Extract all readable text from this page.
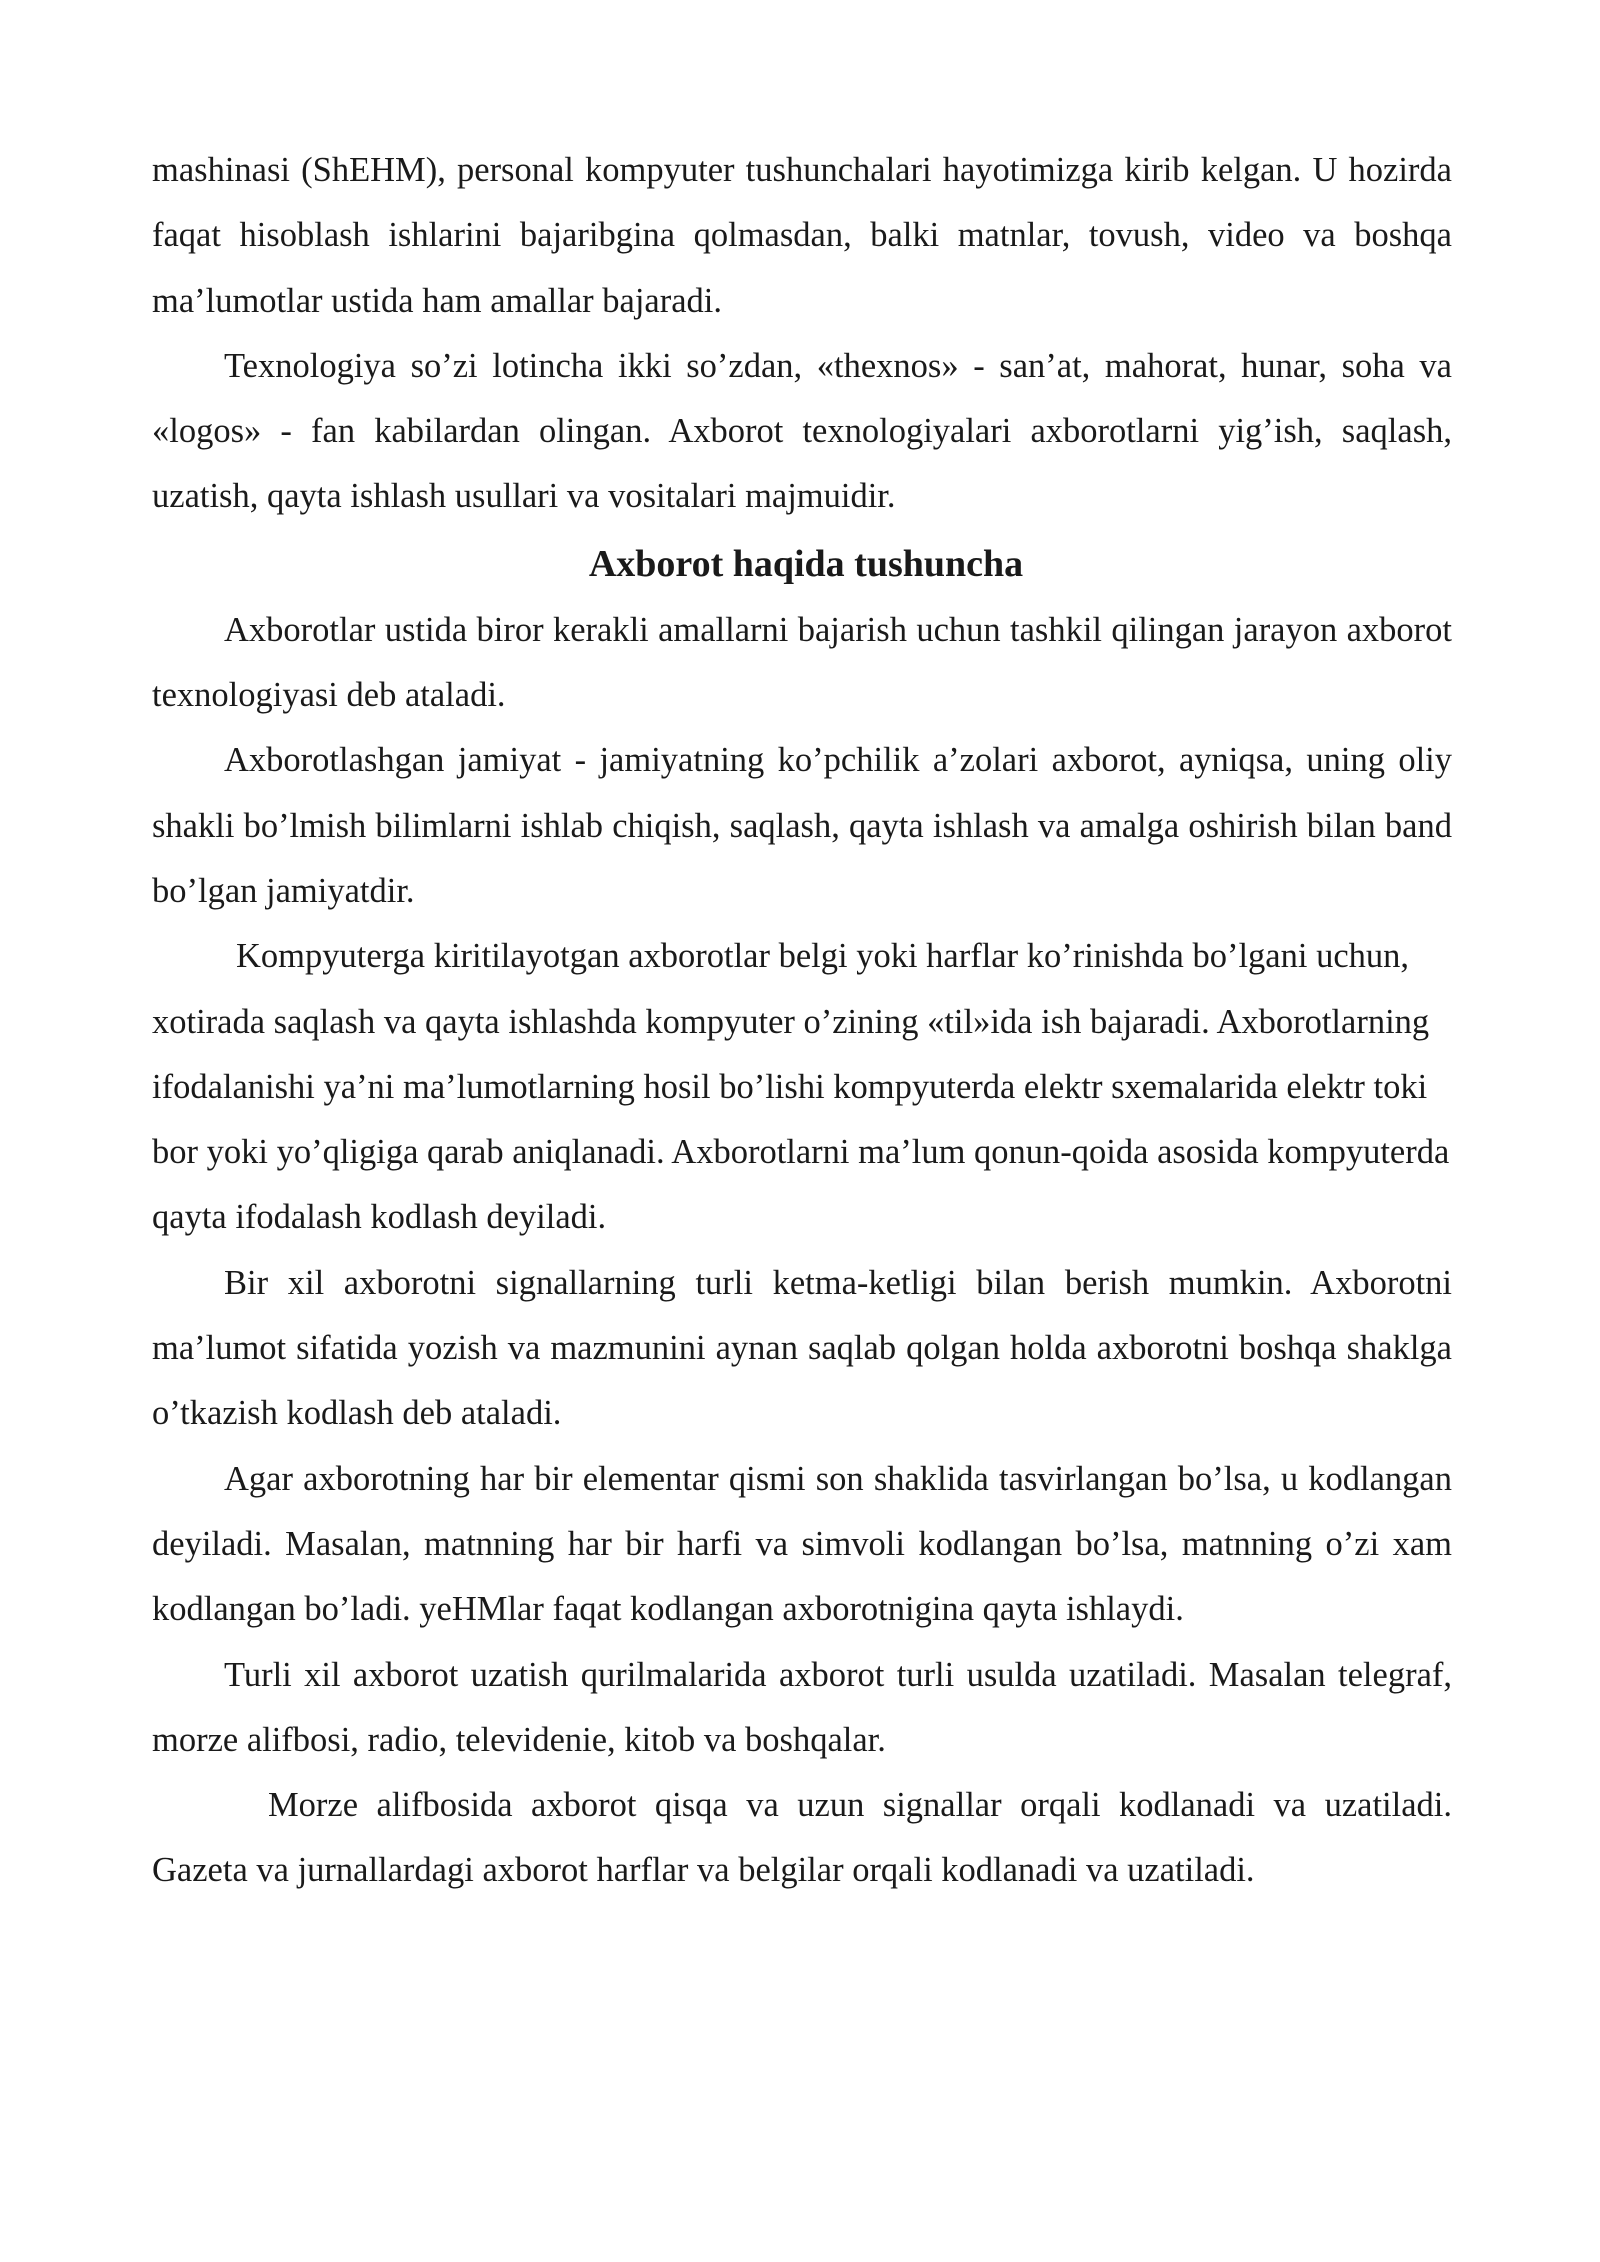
mashinasi (ShEHM), personal kompyuter tushunchalari hayotimizga kirib kelgan. U hozirda faqat hisoblash ishlarini bajaribgina qolmasdan, balki matnlar, tovush, video va boshqa ma’lumotlar ustida ham amallar bajaradi.

Texnologiya so’zi lotincha ikki so’zdan, «thexnos» - san’at, mahorat, hunar, soha va «logos» - fan kabilardan olingan. Axborot texnologiyalari axborotlarni yig’ish, saqlash, uzatish, qayta ishlash usullari va vositalari majmuidir.

Axborot haqida tushuncha

Axborotlar ustida biror kerakli amallarni bajarish uchun tashkil qilingan jarayon axborot texnologiyasi deb ataladi.

Axborotlashgan jamiyat - jamiyatning ko’pchilik a’zolari axborot, ayniqsa, uning oliy shakli bo’lmish bilimlarni ishlab chiqish, saqlash, qayta ishlash va amalga oshirish bilan band bo’lgan jamiyatdir.

Kompyuterga kiritilayotgan axborotlar belgi yoki harflar ko’rinishda bo’lgani uchun, xotirada saqlash va qayta ishlashda kompyuter o’zining «til»ida ish bajaradi. Axborotlarning ifodalanishi ya’ni ma’lumotlarning hosil bo’lishi kompyuterda elektr sxemalarida elektr toki bor yoki yo’qligiga qarab aniqlanadi. Axborotlarni ma’lum qonun-qoida asosida kompyuterda qayta ifodalash kodlash deyiladi.

Bir xil axborotni signallarning turli ketma-ketligi bilan berish mumkin. Axborotni ma’lumot sifatida yozish va mazmunini aynan saqlab qolgan holda axborotni boshqa shaklga o’tkazish kodlash deb ataladi.

Agar axborotning har bir elementar qismi son shaklida tasvirlangan bo’lsa, u kodlangan deyiladi. Masalan, matnning har bir harfi va simvoli kodlangan bo’lsa, matnning o’zi xam kodlangan bo’ladi. yeHMlar faqat kodlangan axborotnigina qayta ishlaydi.

Turli xil axborot uzatish qurilmalarida axborot turli usulda uzatiladi. Masalan telegraf, morze alifbosi, radio, televidenie, kitob va boshqalar.

Morze alifbosida axborot qisqa va uzun signallar orqali kodlanadi va uzatiladi. Gazeta va jurnallardagi axborot harflar va belgilar orqali kodlanadi va uzatiladi.
